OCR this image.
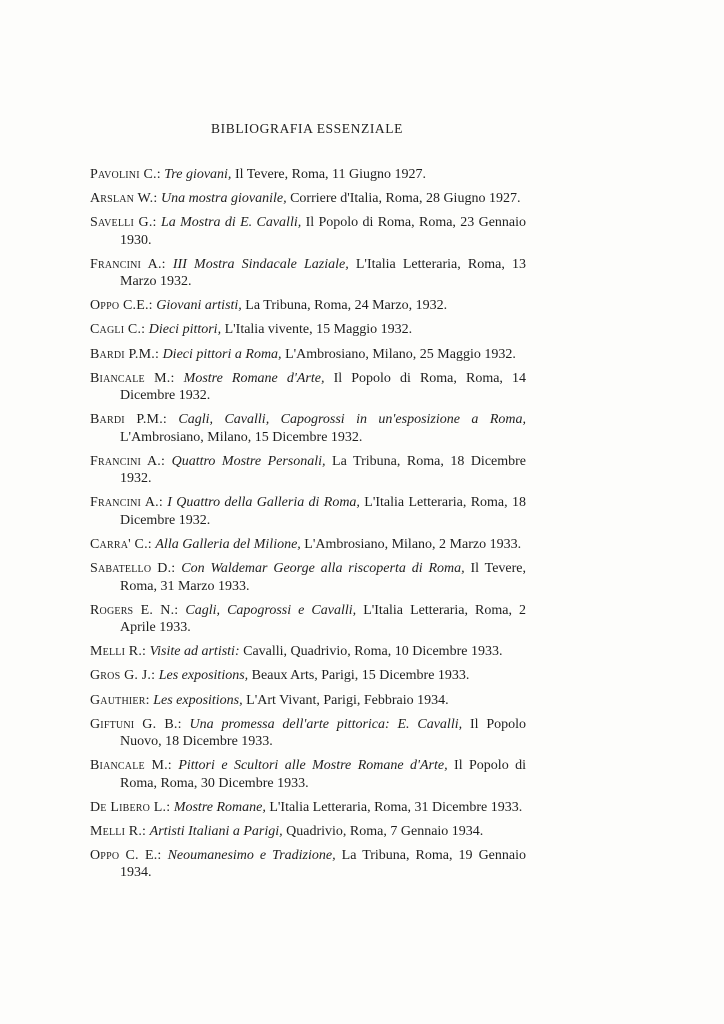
BIBLIOGRAFIA ESSENZIALE
Pavolini C.: Tre giovani, Il Tevere, Roma, 11 Giugno 1927.
Arslan W.: Una mostra giovanile, Corriere d'Italia, Roma, 28 Giugno 1927.
Savelli G.: La Mostra di E. Cavalli, Il Popolo di Roma, Roma, 23 Gennaio 1930.
Francini A.: III Mostra Sindacale Laziale, L'Italia Letteraria, Roma, 13 Marzo 1932.
Oppo C.E.: Giovani artisti, La Tribuna, Roma, 24 Marzo, 1932.
Cagli C.: Dieci pittori, L'Italia vivente, 15 Maggio 1932.
Bardi P.M.: Dieci pittori a Roma, L'Ambrosiano, Milano, 25 Maggio 1932.
Biancale M.: Mostre Romane d'Arte, Il Popolo di Roma, Roma, 14 Dicembre 1932.
Bardi P.M.: Cagli, Cavalli, Capogrossi in un'esposizione a Roma, L'Ambrosiano, Milano, 15 Dicembre 1932.
Francini A.: Quattro Mostre Personali, La Tribuna, Roma, 18 Dicembre 1932.
Francini A.: I Quattro della Galleria di Roma, L'Italia Letteraria, Roma, 18 Dicembre 1932.
Carra' C.: Alla Galleria del Milione, L'Ambrosiano, Milano, 2 Marzo 1933.
Sabatello D.: Con Waldemar George alla riscoperta di Roma, Il Tevere, Roma, 31 Marzo 1933.
Rogers E. N.: Cagli, Capogrossi e Cavalli, L'Italia Letteraria, Roma, 2 Aprile 1933.
Melli R.: Visite ad artisti: Cavalli, Quadrivio, Roma, 10 Dicembre 1933.
Gros G. J.: Les expositions, Beaux Arts, Parigi, 15 Dicembre 1933.
Gauthier: Les expositions, L'Art Vivant, Parigi, Febbraio 1934.
Giftuni G. B.: Una promessa dell'arte pittorica: E. Cavalli, Il Popolo Nuovo, 18 Dicembre 1933.
Biancale M.: Pittori e Scultori alle Mostre Romane d'Arte, Il Popolo di Roma, Roma, 30 Dicembre 1933.
De Libero L.: Mostre Romane, L'Italia Letteraria, Roma, 31 Dicembre 1933.
Melli R.: Artisti Italiani a Parigi, Quadrivio, Roma, 7 Gennaio 1934.
Oppo C. E.: Neoumanesimo e Tradizione, La Tribuna, Roma, 19 Gennaio 1934.
